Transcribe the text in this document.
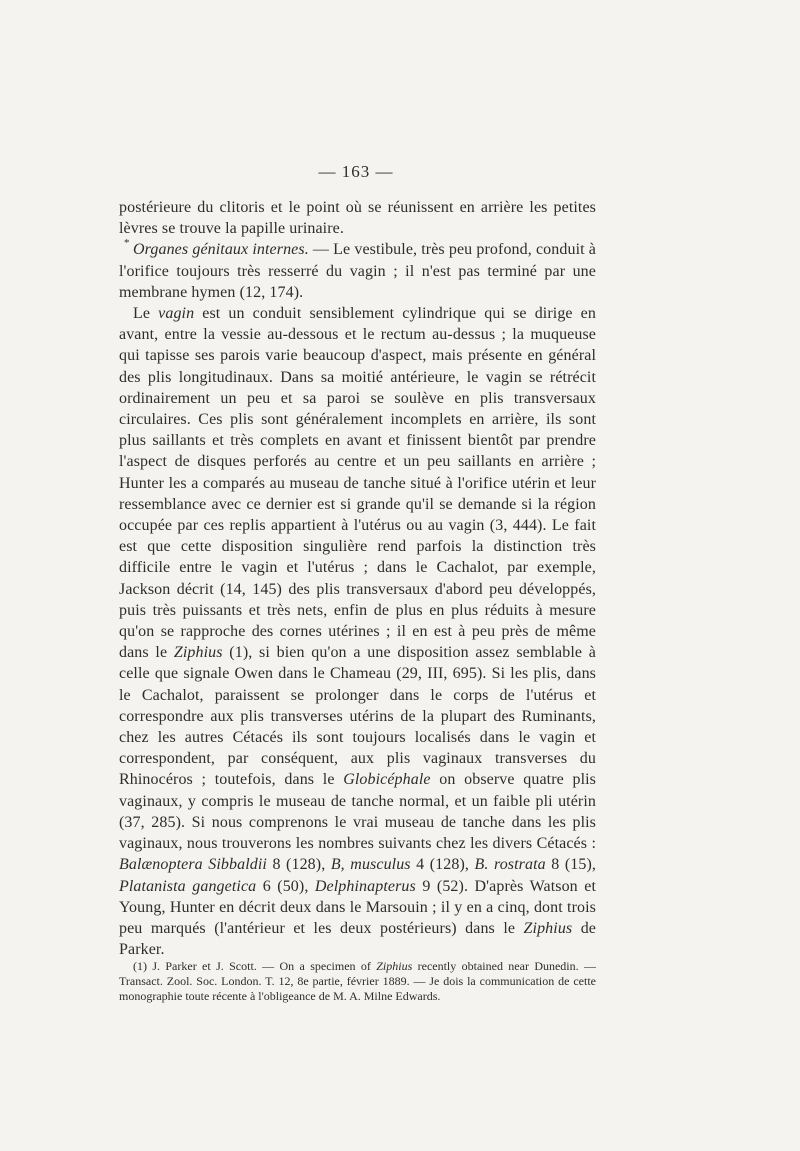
— 163 —

postérieure du clitoris et le point où se réunissent en arrière les petites lèvres se trouve la papille urinaire.

* Organes génitaux internes. — Le vestibule, très peu profond, conduit à l'orifice toujours très resserré du vagin ; il n'est pas terminé par une membrane hymen (12, 174).

Le vagin est un conduit sensiblement cylindrique qui se dirige en avant, entre la vessie au-dessous et le rectum au-dessus ; la muqueuse qui tapisse ses parois varie beaucoup d'aspect, mais présente en général des plis longitudinaux. Dans sa moitié antérieure, le vagin se rétrécit ordinairement un peu et sa paroi se soulève en plis transversaux circulaires. Ces plis sont généralement incomplets en arrière, ils sont plus saillants et très complets en avant et finissent bientôt par prendre l'aspect de disques perforés au centre et un peu saillants en arrière ; Hunter les a comparés au museau de tanche situé à l'orifice utérin et leur ressemblance avec ce dernier est si grande qu'il se demande si la région occupée par ces replis appartient à l'utérus ou au vagin (3, 444). Le fait est que cette disposition singulière rend parfois la distinction très difficile entre le vagin et l'utérus ; dans le Cachalot, par exemple, Jackson décrit (14, 145) des plis transversaux d'abord peu développés, puis très puissants et très nets, enfin de plus en plus réduits à mesure qu'on se rapproche des cornes utérines ; il en est à peu près de même dans le Ziphius (1), si bien qu'on a une disposition assez semblable à celle que signale Owen dans le Chameau (29, III, 695). Si les plis, dans le Cachalot, paraissent se prolonger dans le corps de l'utérus et correspondre aux plis transverses utérins de la plupart des Ruminants, chez les autres Cétacés ils sont toujours localisés dans le vagin et correspondent, par conséquent, aux plis vaginaux transverses du Rhinocéros ; toutefois, dans le Globicéphale on observe quatre plis vaginaux, y compris le museau de tanche normal, et un faible pli utérin (37, 285). Si nous comprenons le vrai museau de tanche dans les plis vaginaux, nous trouverons les nombres suivants chez les divers Cétacés : Balænoptera Sibbaldii 8 (128), B, musculus 4 (128), B. rostrata 8 (15), Platanista gangetica 6 (50), Delphinapterus 9 (52). D'après Watson et Young, Hunter en décrit deux dans le Marsouin ; il y en a cinq, dont trois peu marqués (l'antérieur et les deux postérieurs) dans le Ziphius de Parker.

(1) J. Parker et J. Scott. — On a specimen of Ziphius recently obtained near Dunedin. — Transact. Zool. Soc. London. T. 12, 8e partie, février 1889. — Je dois la communication de cette monographie toute récente à l'obligeance de M. A. Milne Edwards.
